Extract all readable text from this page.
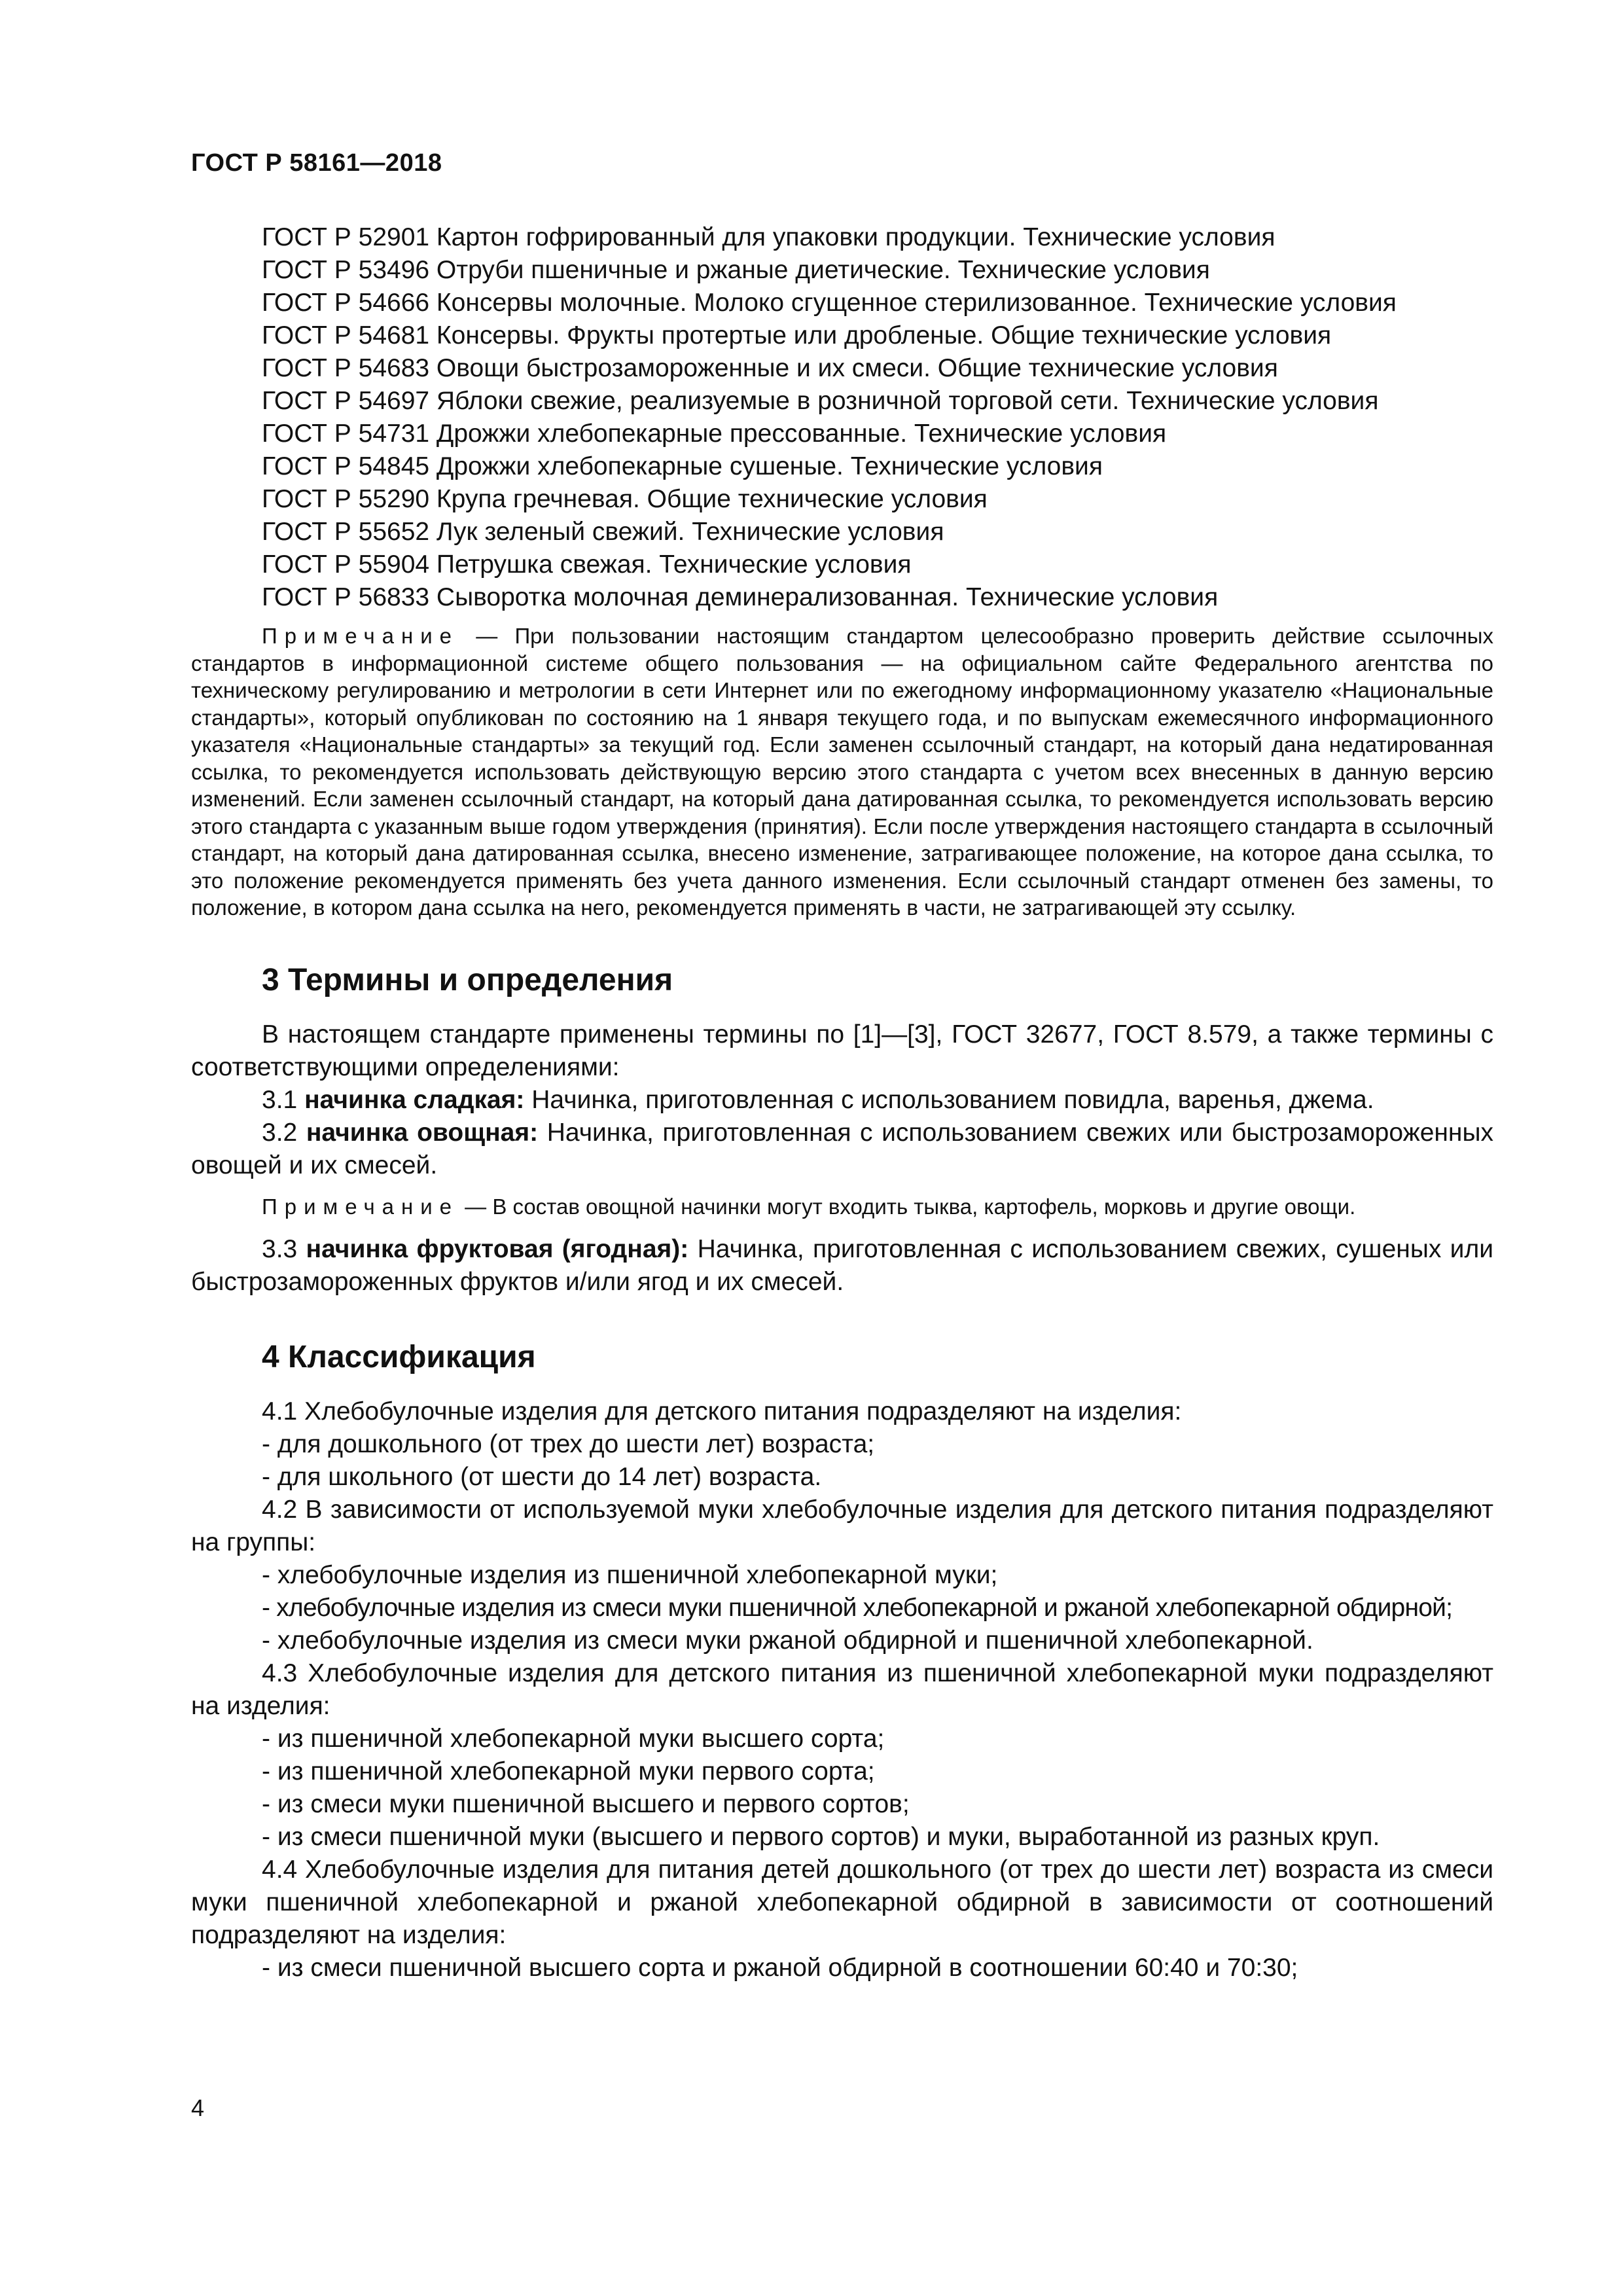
ГОСТ Р 58161—2018
ГОСТ Р 52901 Картон гофрированный для упаковки продукции. Технические условия
ГОСТ Р 53496 Отруби пшеничные и ржаные диетические. Технические условия
ГОСТ Р 54666 Консервы молочные. Молоко сгущенное стерилизованное. Технические условия
ГОСТ Р 54681 Консервы. Фрукты протертые или дробленые. Общие технические условия
ГОСТ Р 54683 Овощи быстрозамороженные и их смеси. Общие технические условия
ГОСТ Р 54697 Яблоки свежие, реализуемые в розничной торговой сети. Технические условия
ГОСТ Р 54731 Дрожжи хлебопекарные прессованные. Технические условия
ГОСТ Р 54845 Дрожжи хлебопекарные сушеные. Технические условия
ГОСТ Р 55290 Крупа гречневая. Общие технические условия
ГОСТ Р 55652 Лук зеленый свежий. Технические условия
ГОСТ Р 55904 Петрушка свежая. Технические условия
ГОСТ Р 56833 Сыворотка молочная деминерализованная. Технические условия

Примечание — При пользовании настоящим стандартом целесообразно проверить действие ссылочных стандартов в информационной системе общего пользования — на официальном сайте Федерального агентства по техническому регулированию и метрологии в сети Интернет или по ежегодному информационному указателю «Национальные стандарты», который опубликован по состоянию на 1 января текущего года, и по выпускам ежемесячного информационного указателя «Национальные стандарты» за текущий год. Если заменен ссылочный стандарт, на который дана недатированная ссылка, то рекомендуется использовать действующую версию этого стандарта с учетом всех внесенных в данную версию изменений. Если заменен ссылочный стандарт, на который дана датированная ссылка, то рекомендуется использовать версию этого стандарта с указанным выше годом утверждения (принятия). Если после утверждения настоящего стандарта в ссылочный стандарт, на который дана датированная ссылка, внесено изменение, затрагивающее положение, на которое дана ссылка, то это положение рекомендуется применять без учета данного изменения. Если ссылочный стандарт отменен без замены, то положение, в котором дана ссылка на него, рекомендуется применять в части, не затрагивающей эту ссылку.

3 Термины и определения

В настоящем стандарте применены термины по [1]—[3], ГОСТ 32677, ГОСТ 8.579, а также термины с соответствующими определениями:

3.1 начинка сладкая: Начинка, приготовленная с использованием повидла, варенья, джема.

3.2 начинка овощная: Начинка, приготовленная с использованием свежих или быстрозамороженных овощей и их смесей.

Примечание — В состав овощной начинки могут входить тыква, картофель, морковь и другие овощи.

3.3 начинка фруктовая (ягодная): Начинка, приготовленная с использованием свежих, сушеных или быстрозамороженных фруктов и/или ягод и их смесей.

4 Классификация

4.1 Хлебобулочные изделия для детского питания подразделяют на изделия:

- для дошкольного (от трех до шести лет) возраста;

- для школьного (от шести до 14 лет) возраста.

4.2 В зависимости от используемой муки хлебобулочные изделия для детского питания подразделяют на группы:

- хлебобулочные изделия из пшеничной хлебопекарной муки;

- хлебобулочные изделия из смеси муки пшеничной хлебопекарной и ржаной хлебопекарной обдирной;

- хлебобулочные изделия из смеси муки ржаной обдирной и пшеничной хлебопекарной.

4.3 Хлебобулочные изделия для детского питания из пшеничной хлебопекарной муки подразделяют на изделия:

- из пшеничной хлебопекарной муки высшего сорта;

- из пшеничной хлебопекарной муки первого сорта;

- из смеси муки пшеничной высшего и первого сортов;

- из смеси пшеничной муки (высшего и первого сортов) и муки, выработанной из разных круп.

4.4 Хлебобулочные изделия для питания детей дошкольного (от трех до шести лет) возраста из смеси муки пшеничной хлебопекарной и ржаной хлебопекарной обдирной в зависимости от соотношений подразделяют на изделия:

- из смеси пшеничной высшего сорта и ржаной обдирной в соотношении 60:40 и 70:30;

4
